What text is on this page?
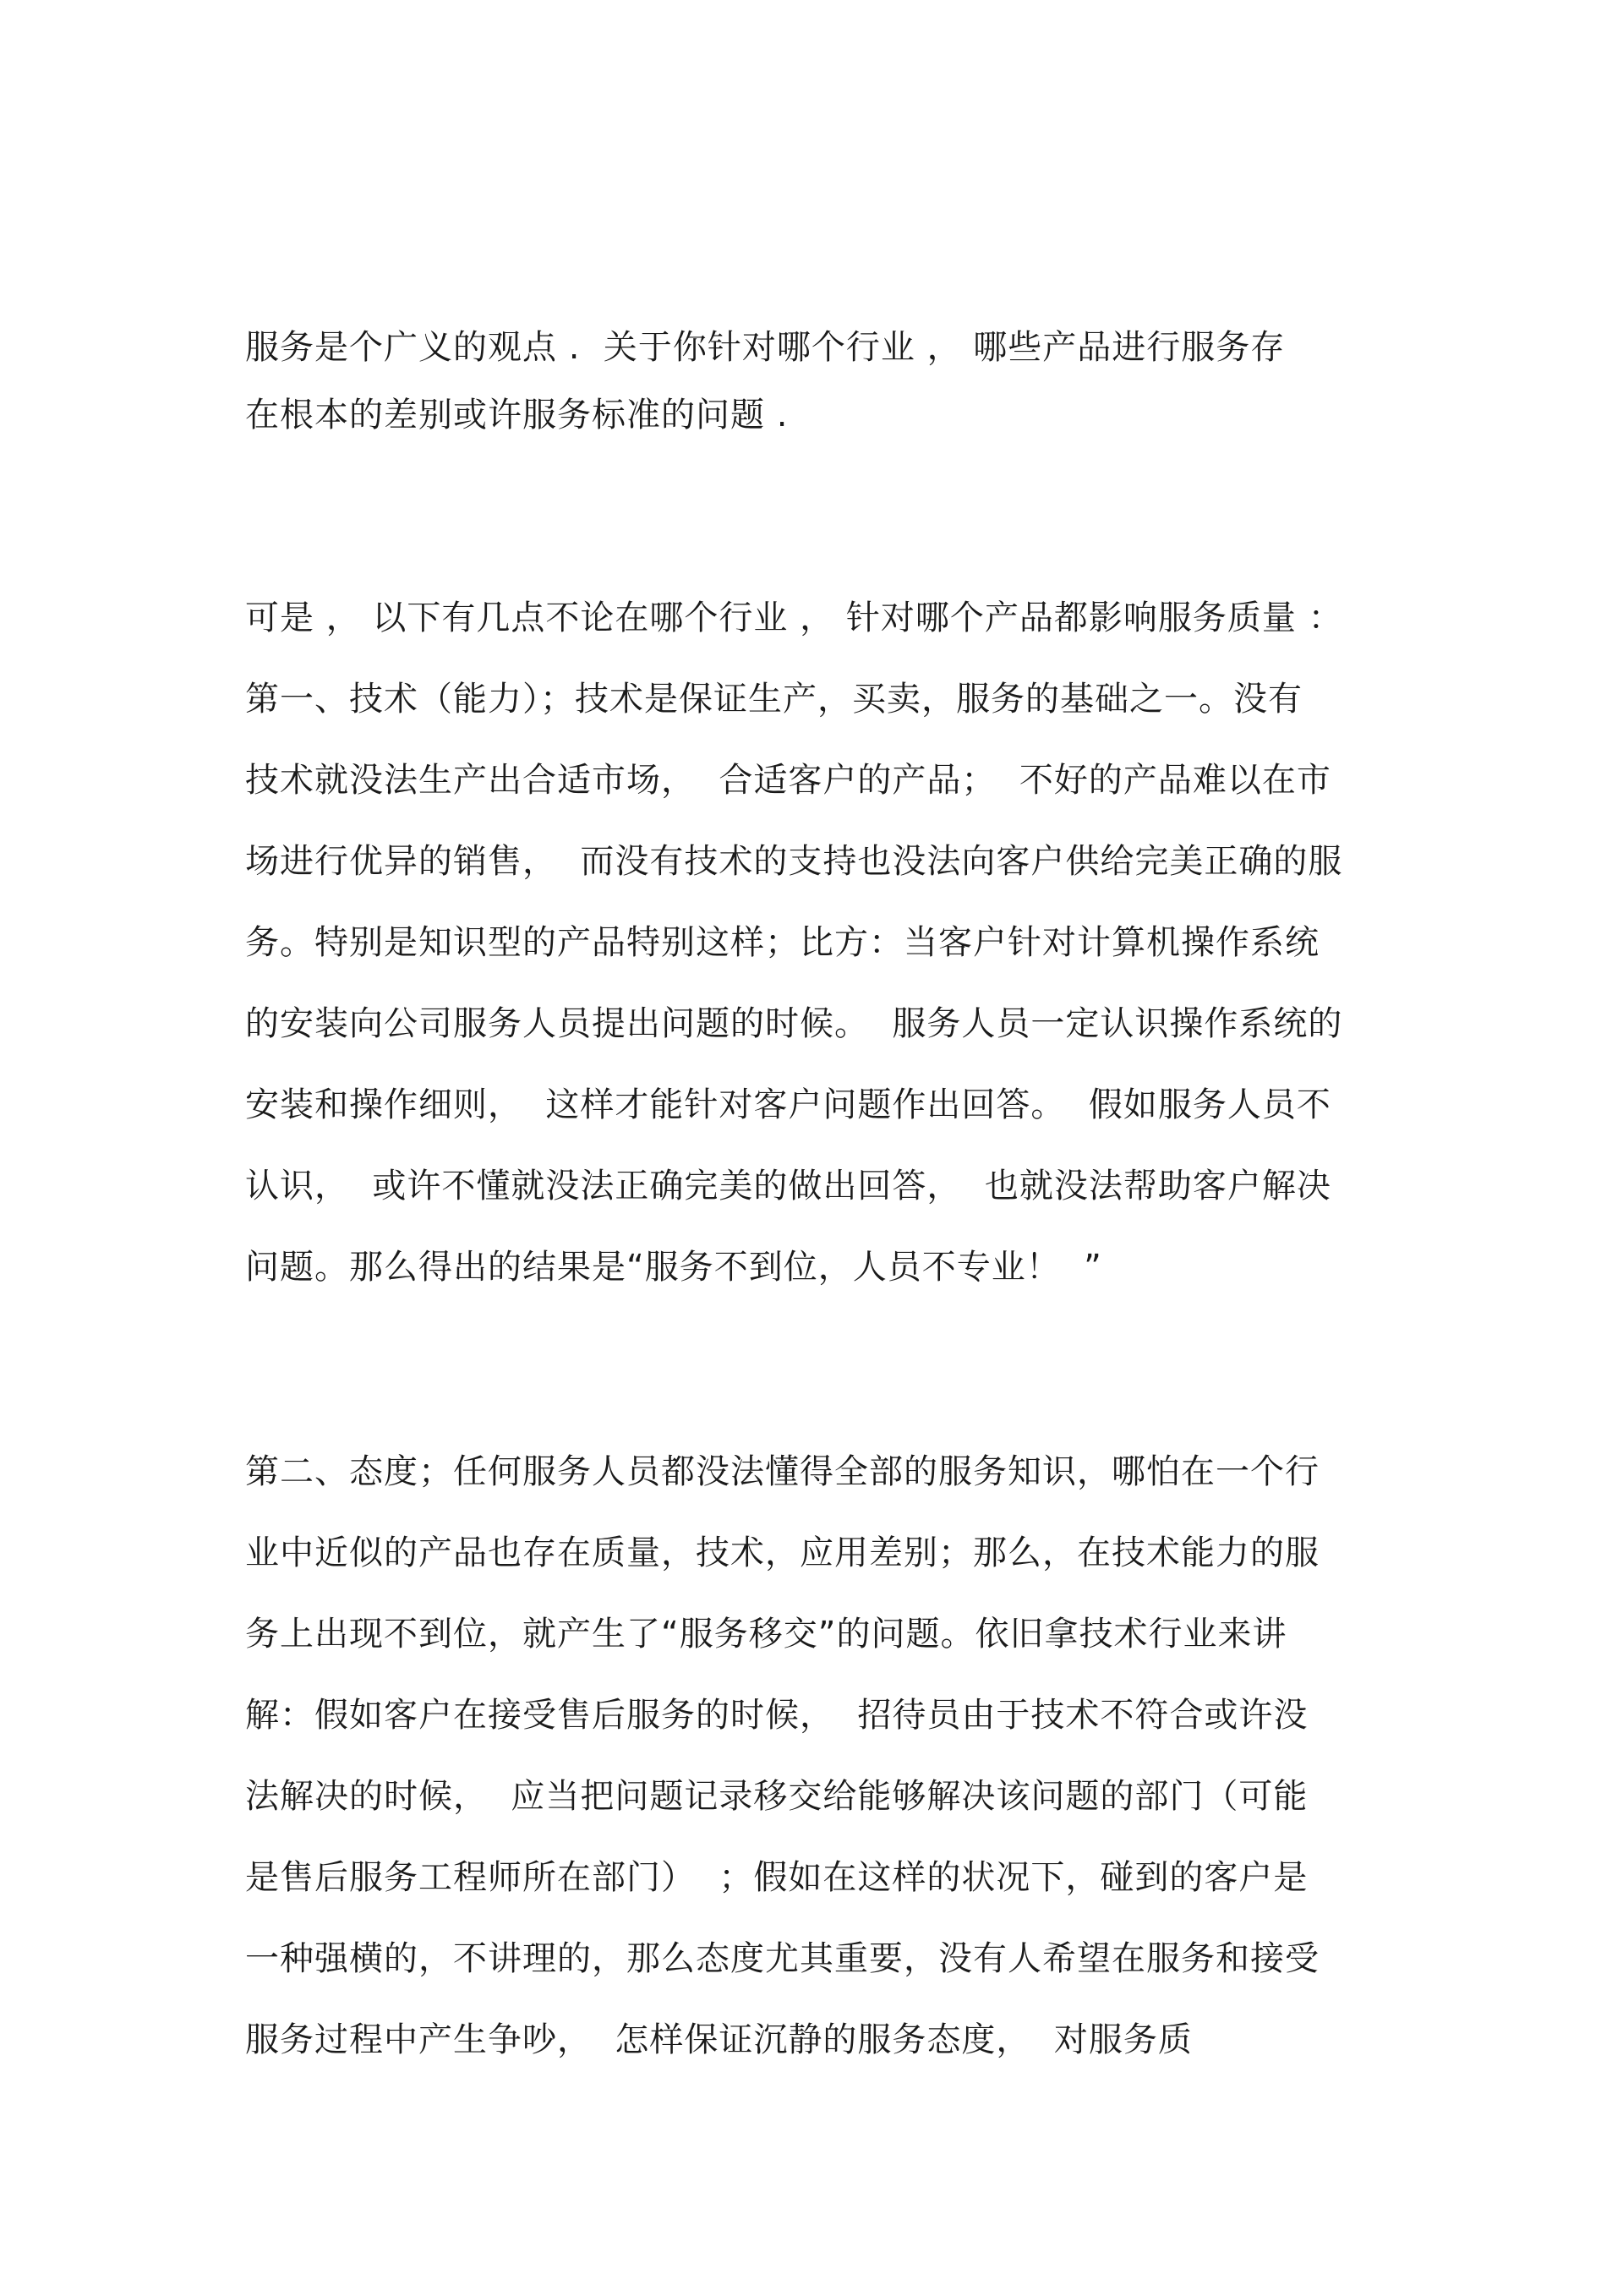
服务是个广义的观点 .  关于你针对哪个行业 ， 哪些产品进行服务存
在根本的差别或许服务标准的问题 .
可是 ， 以下有几点不论在哪个行业 ， 针对哪个产品都影响服务质量 ：
第一、技术（能力）；技术是保证生产，买卖，服务的基础之一。没有
技术就没法生产出合适市场，  合适客户的产品；  不好的产品难以在市
场进行优异的销售，  而没有技术的支持也没法向客户供给完美正确的服
务。特别是知识型的产品特别这样；比方：当客户针对计算机操作系统
的安装向公司服务人员提出问题的时候。  服务人员一定认识操作系统的
安装和操作细则，  这样才能针对客户问题作出回答。  假如服务人员不
认识，  或许不懂就没法正确完美的做出回答，  也就没法帮助客户解决
问题。那么得出的结果是“服务不到位，人员不专业！  ”
第二、态度；任何服务人员都没法懂得全部的服务知识，哪怕在一个行
业中近似的产品也存在质量，技术，应用差别；那么，在技术能力的服
务上出现不到位，就产生了“服务移交”的问题。依旧拿技术行业来讲
解：假如客户在接受售后服务的时候，  招待员由于技术不符合或许没
法解决的时候，  应当把问题记录移交给能够解决该问题的部门（可能
是售后服务工程师所在部门）  ；假如在这样的状况下，碰到的客户是
一种强横的，不讲理的，那么态度尤其重要，没有人希望在服务和接受
服务过程中产生争吵，  怎样保证沉静的服务态度，  对服务质
